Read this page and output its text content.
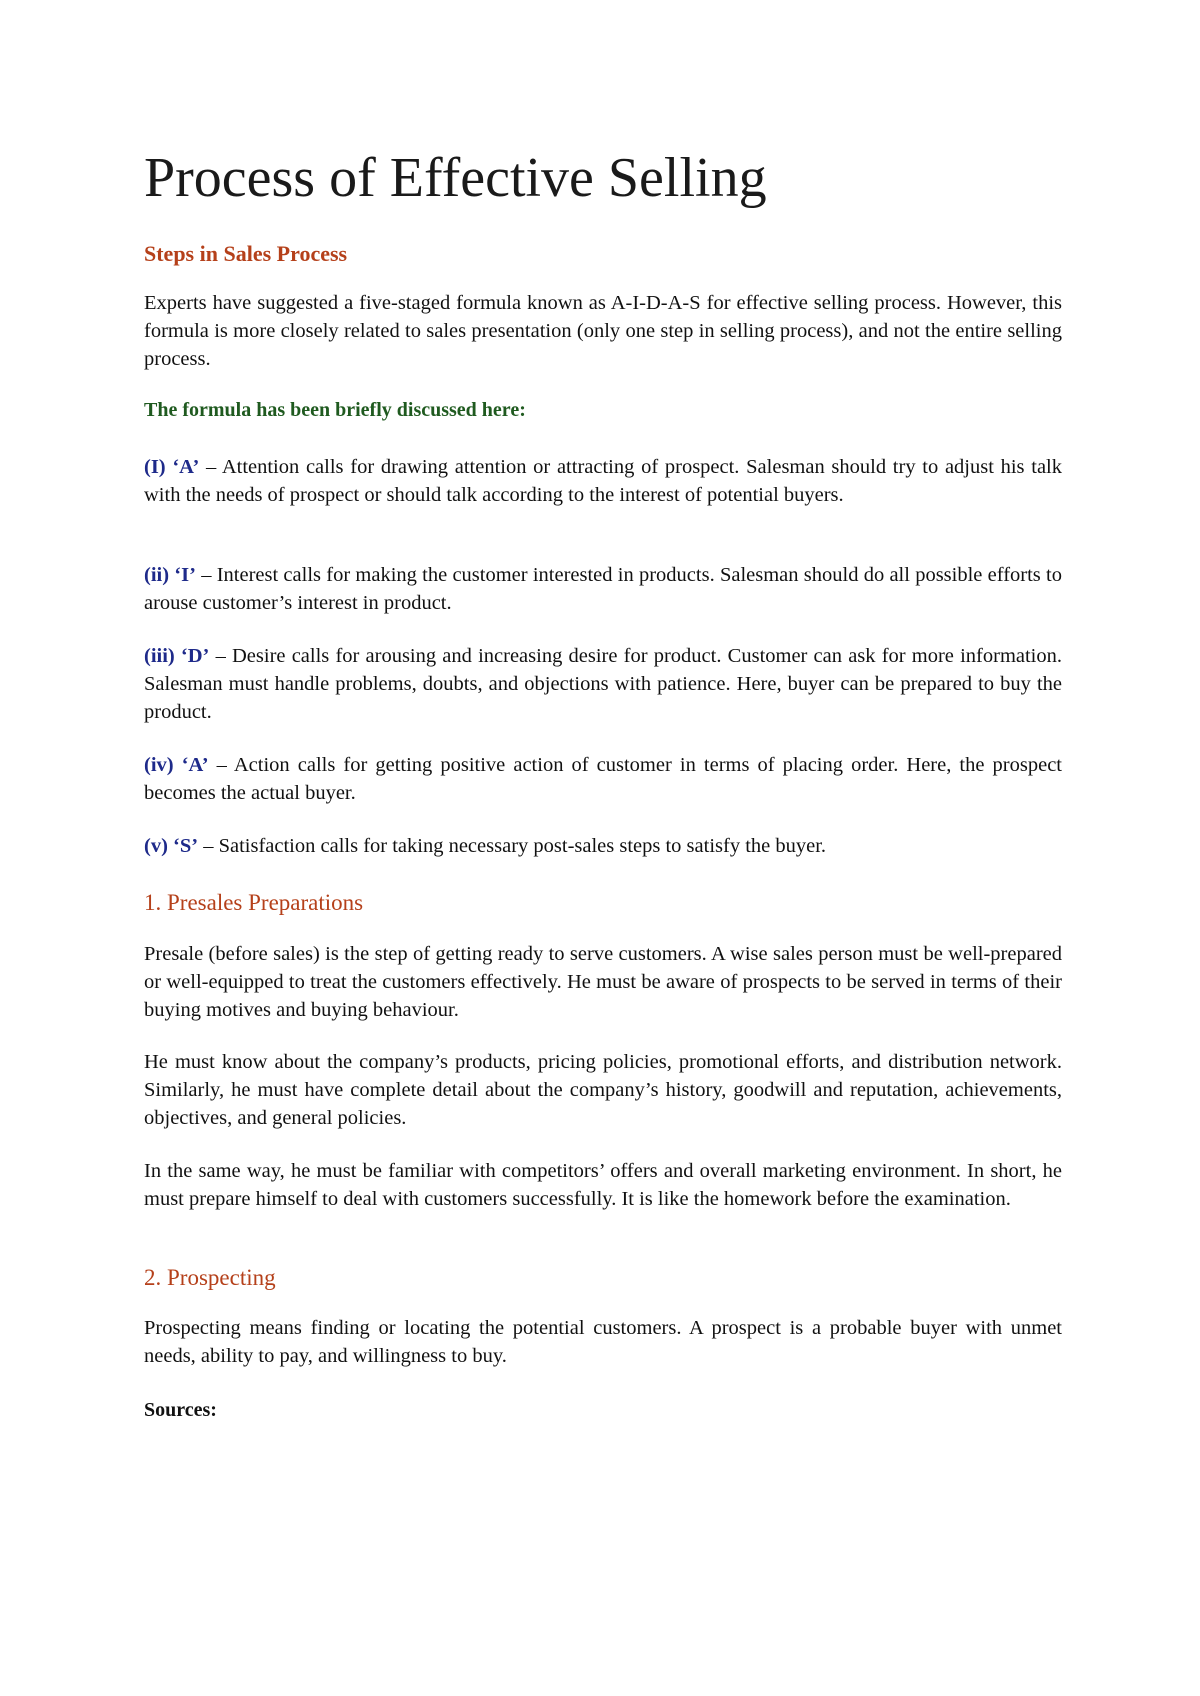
Process of Effective Selling
Steps in Sales Process

Experts have suggested a five-staged formula known as A-I-D-A-S for effective selling process. However, this formula is more closely related to sales presentation (only one step in selling process), and not the entire selling process.

The formula has been briefly discussed here:

(I) ‘A’ – Attention calls for drawing attention or attracting of prospect. Salesman should try to adjust his talk with the needs of prospect or should talk according to the interest of potential buyers.

(ii) ‘I’ – Interest calls for making the customer interested in products. Salesman should do all possible efforts to arouse customer’s interest in product.

(iii) ‘D’ – Desire calls for arousing and increasing desire for product. Customer can ask for more information. Salesman must handle problems, doubts, and objections with patience. Here, buyer can be prepared to buy the product.

(iv) ‘A’ – Action calls for getting positive action of customer in terms of placing order. Here, the prospect becomes the actual buyer.

(v) ‘S’ – Satisfaction calls for taking necessary post-sales steps to satisfy the buyer.

1. Presales Preparations

Presale (before sales) is the step of getting ready to serve customers. A wise sales person must be well-prepared or well-equipped to treat the customers effectively. He must be aware of prospects to be served in terms of their buying motives and buying behaviour.

He must know about the company’s products, pricing policies, promotional efforts, and distribution network. Similarly, he must have complete detail about the company’s history, goodwill and reputation, achievements, objectives, and general policies.

In the same way, he must be familiar with competitors’ offers and overall marketing environment. In short, he must prepare himself to deal with customers successfully. It is like the homework before the examination.

2. Prospecting

Prospecting means finding or locating the potential customers. A prospect is a probable buyer with unmet needs, ability to pay, and willingness to buy.

Sources:
